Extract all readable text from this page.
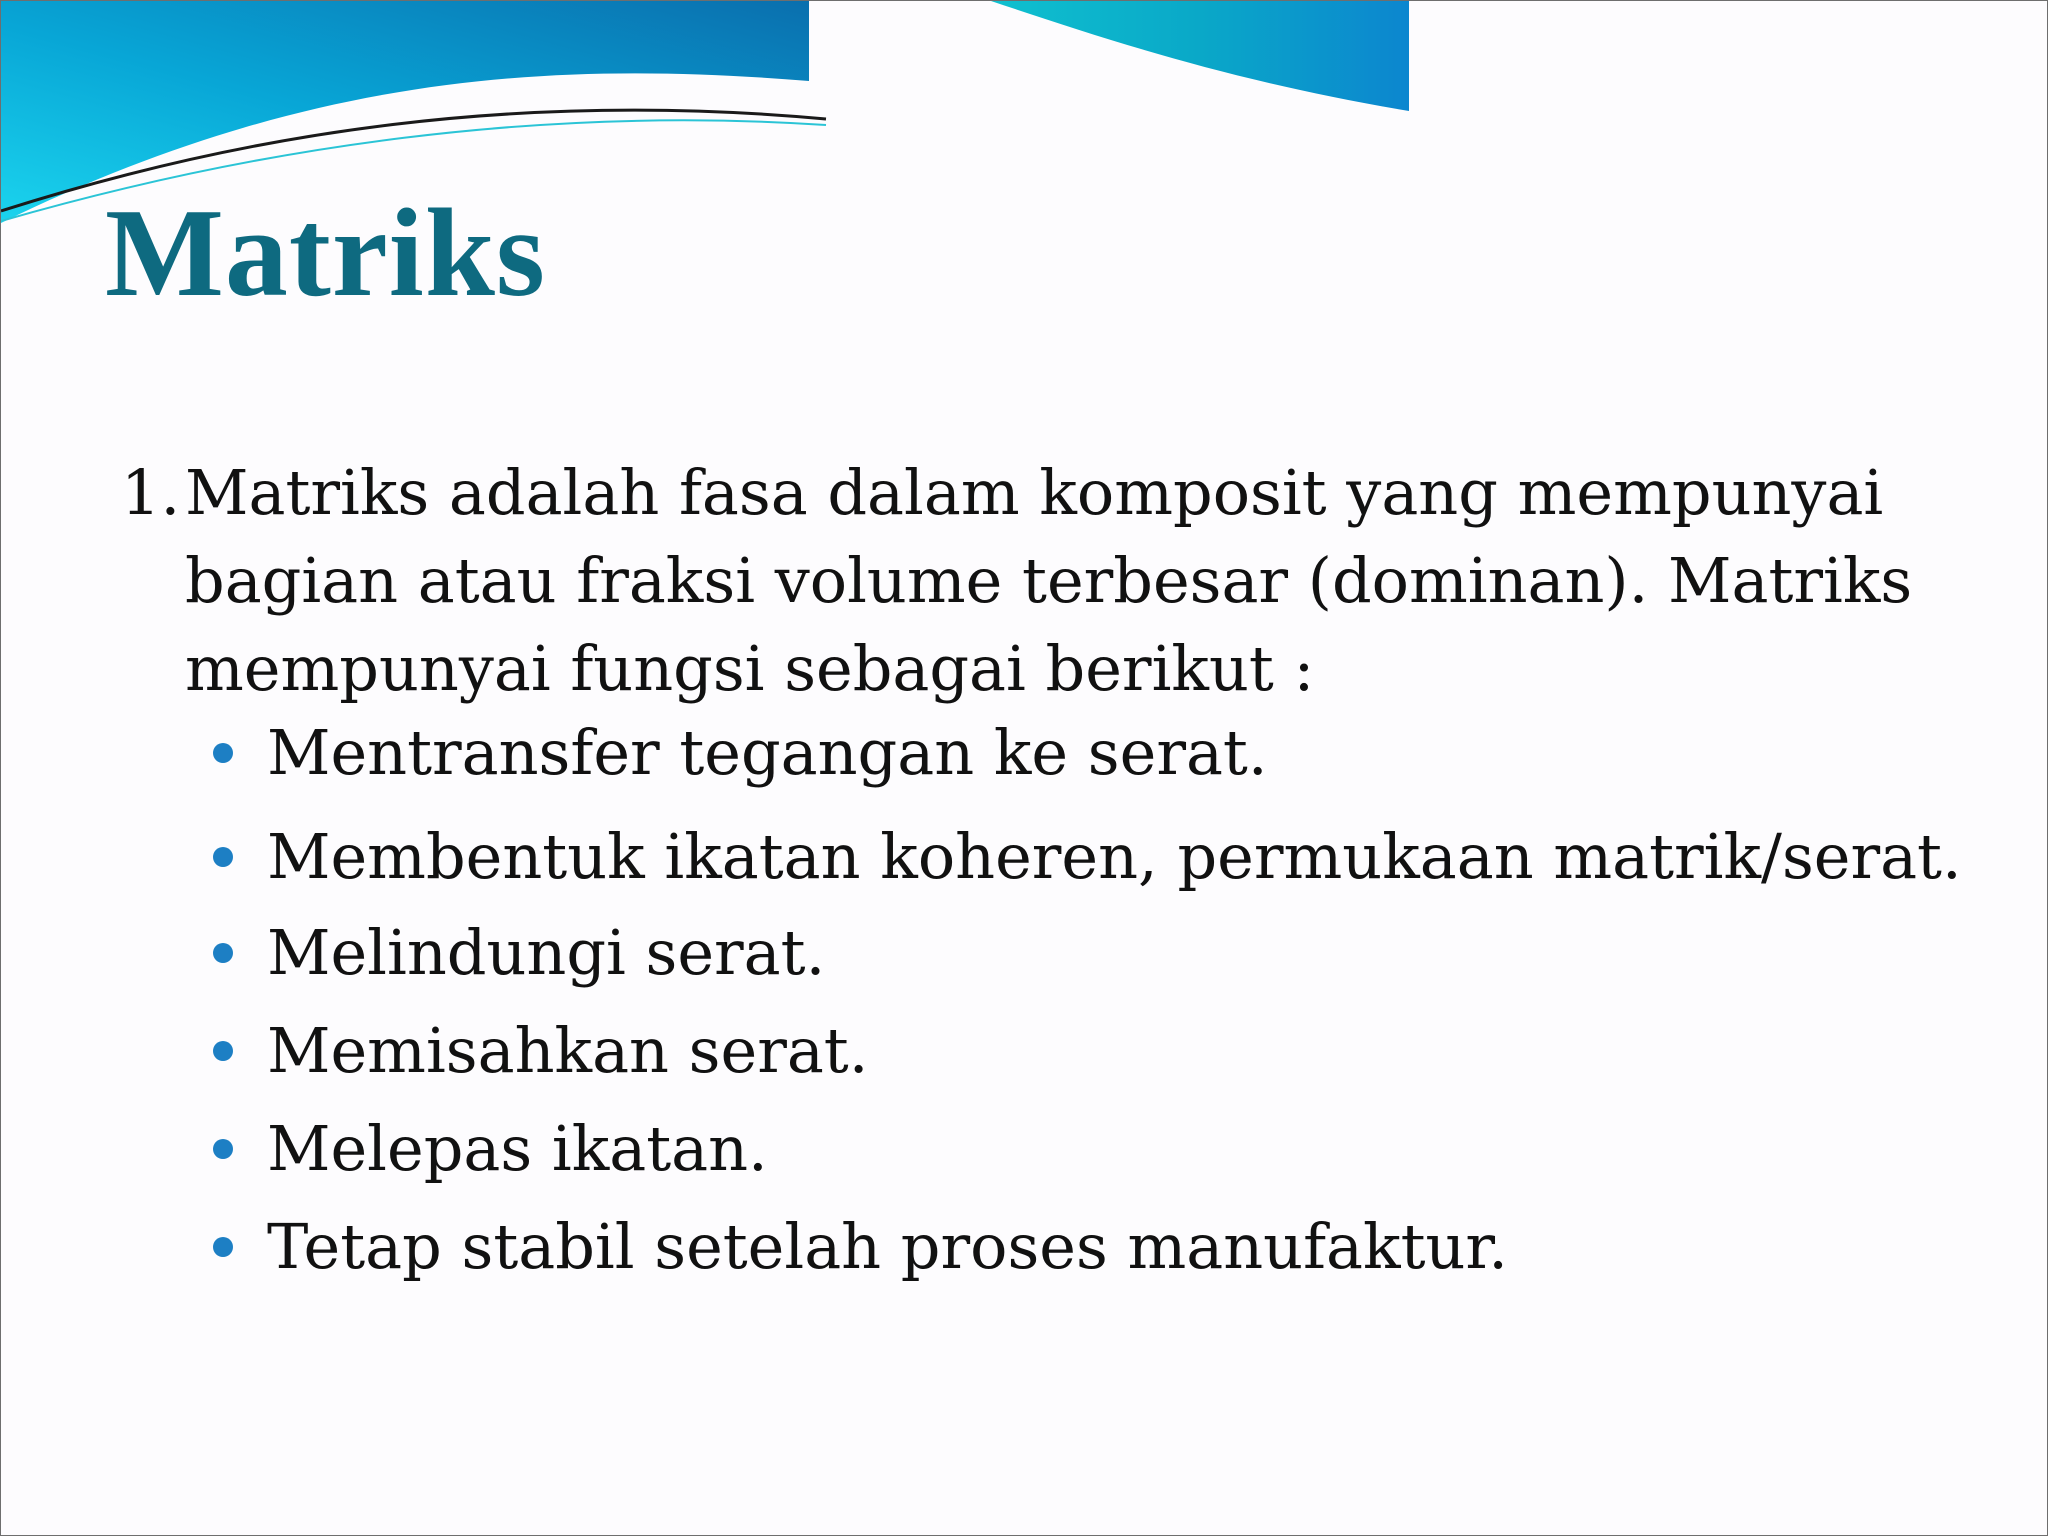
Matriks
1. Matriks adalah fasa dalam komposit yang mempunyai bagian atau fraksi volume terbesar (dominan). Matriks mempunyai fungsi sebagai berikut :
Mentransfer tegangan ke serat.
Membentuk ikatan koheren, permukaan matrik/serat.
Melindungi serat.
Memisahkan serat.
Melepas ikatan.
Tetap stabil setelah proses manufaktur.
